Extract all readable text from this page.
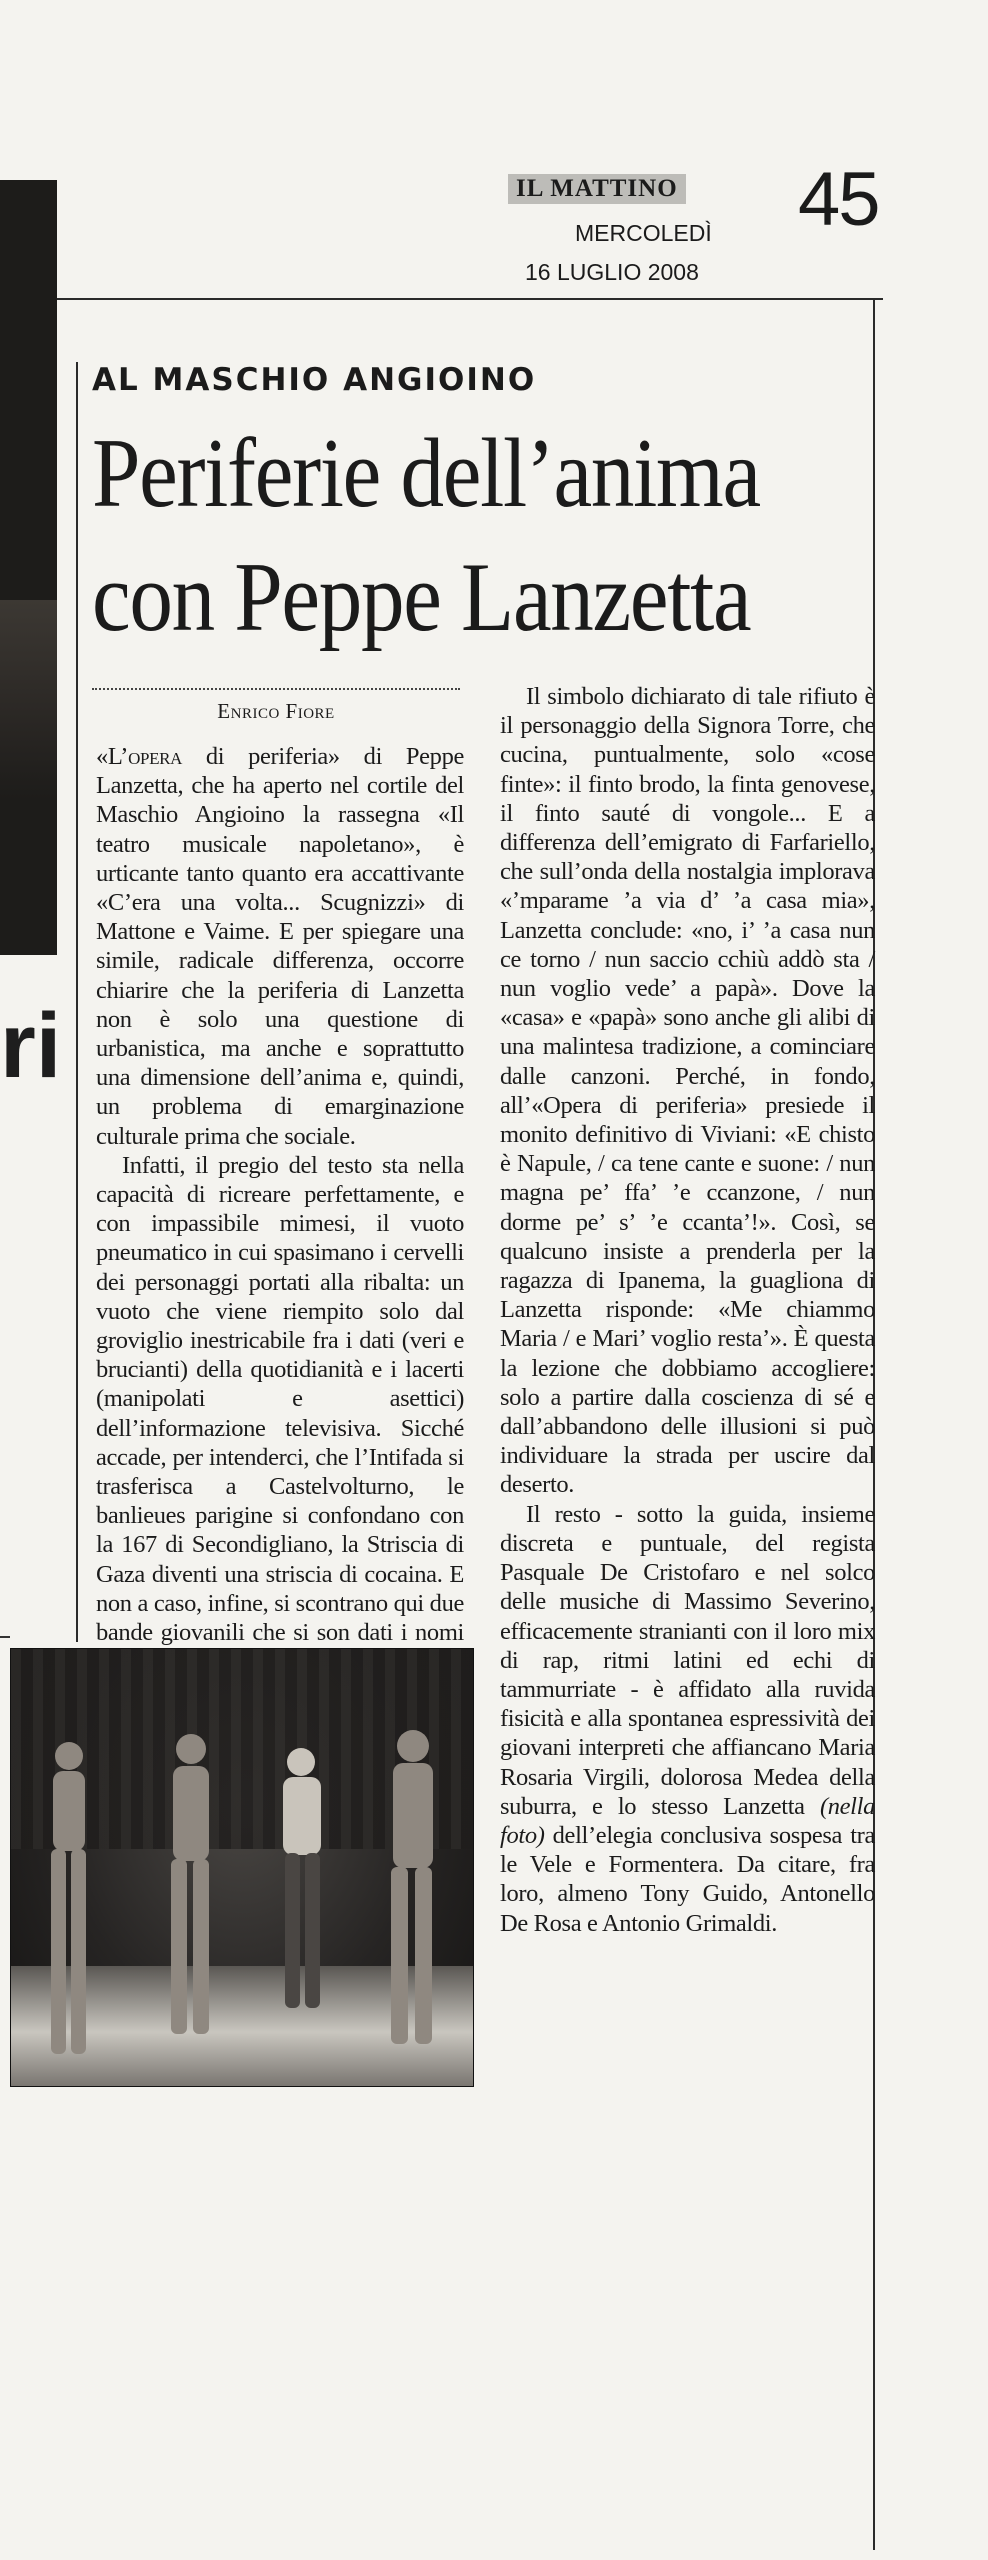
ri
IL MATTINO
MERCOLEDÌ
16 LUGLIO 2008
45
AL MASCHIO ANGIOINO
Periferie dell’anima
con Peppe Lanzetta
Enrico Fiore

«L’opera di periferia» di Peppe Lanzetta, che ha aperto nel cortile del Maschio Angioino la rassegna «Il teatro musicale napoletano», è urticante tanto quanto era accattivante «C’era una volta... Scugnizzi» di Mattone e Vaime. E per spiegare una simile, radicale differenza, occorre chiarire che la periferia di Lanzetta non è solo una questione di urbanistica, ma anche e soprattutto una dimensione dell’anima e, quindi, un problema di emarginazione culturale prima che sociale.

Infatti, il pregio del testo sta nella capacità di ricreare perfettamente, e con impassibile mimesi, il vuoto pneumatico in cui spasimano i cervelli dei personaggi portati alla ribalta: un vuoto che viene riempito solo dal groviglio inestricabile fra i dati (veri e brucianti) della quotidianità e i lacerti (manipolati e asettici) dell’informazione televisiva. Sicché accade, per intenderci, che l’Intifada si trasferisca a Castelvolturno, le banlieues parigine si confondano con la 167 di Secondigliano, la Striscia di Gaza diventi una striscia di cocaina. E non a caso, infine, si scontrano qui due bande giovanili che si son dati i nomi

Il simbolo dichiarato di tale rifiuto è il personaggio della Signora Torre, che cucina, puntualmente, solo «cose finte»: il finto brodo, la finta genovese, il finto sauté di vongole... E a differenza dell’emigrato di Farfariello, che sull’onda della nostalgia implorava «’mparame ’a via d’ ’a casa mia», Lanzetta conclude: «no, i’ ’a casa nun ce torno / nun saccio cchiù addò sta / nun voglio vede’ a papà». Dove la «casa» e «papà» sono anche gli alibi di una malintesa tradizione, a cominciare dalle canzoni. Perché, in fondo, all’«Opera di periferia» presiede il monito definitivo di Viviani: «E chisto è Napule, / ca tene cante e suone: / nun magna pe’ ffa’ ’e ccanzone, / nun dorme pe’ s’ ’e ccanta’!». Così, se qualcuno insiste a prenderla per la ragazza di Ipanema, la guagliona di Lanzetta risponde: «Me chiammo Maria / e Mari’ voglio resta’». È questa la lezione che dobbiamo accogliere: solo a partire dalla coscienza di sé e dall’abbandono delle illusioni si può individuare la strada per uscire dal deserto.

Il resto - sotto la guida, insieme discreta e puntuale, del regista Pasquale De Cristofaro e nel solco delle musiche di Massimo Severino, efficacemente stranianti con il loro mix di rap, ritmi latini ed echi di tammurriate - è affidato alla ruvida fisicità e alla spontanea espressività dei giovani interpreti che affiancano Maria Rosaria Virgili, dolorosa Medea della suburra, e lo stesso Lanzetta (nella foto) dell’elegia conclusiva sospesa tra le Vele e Formentera. Da citare, fra loro, almeno Tony Guido, Antonello De Rosa e Antonio Grimaldi.
